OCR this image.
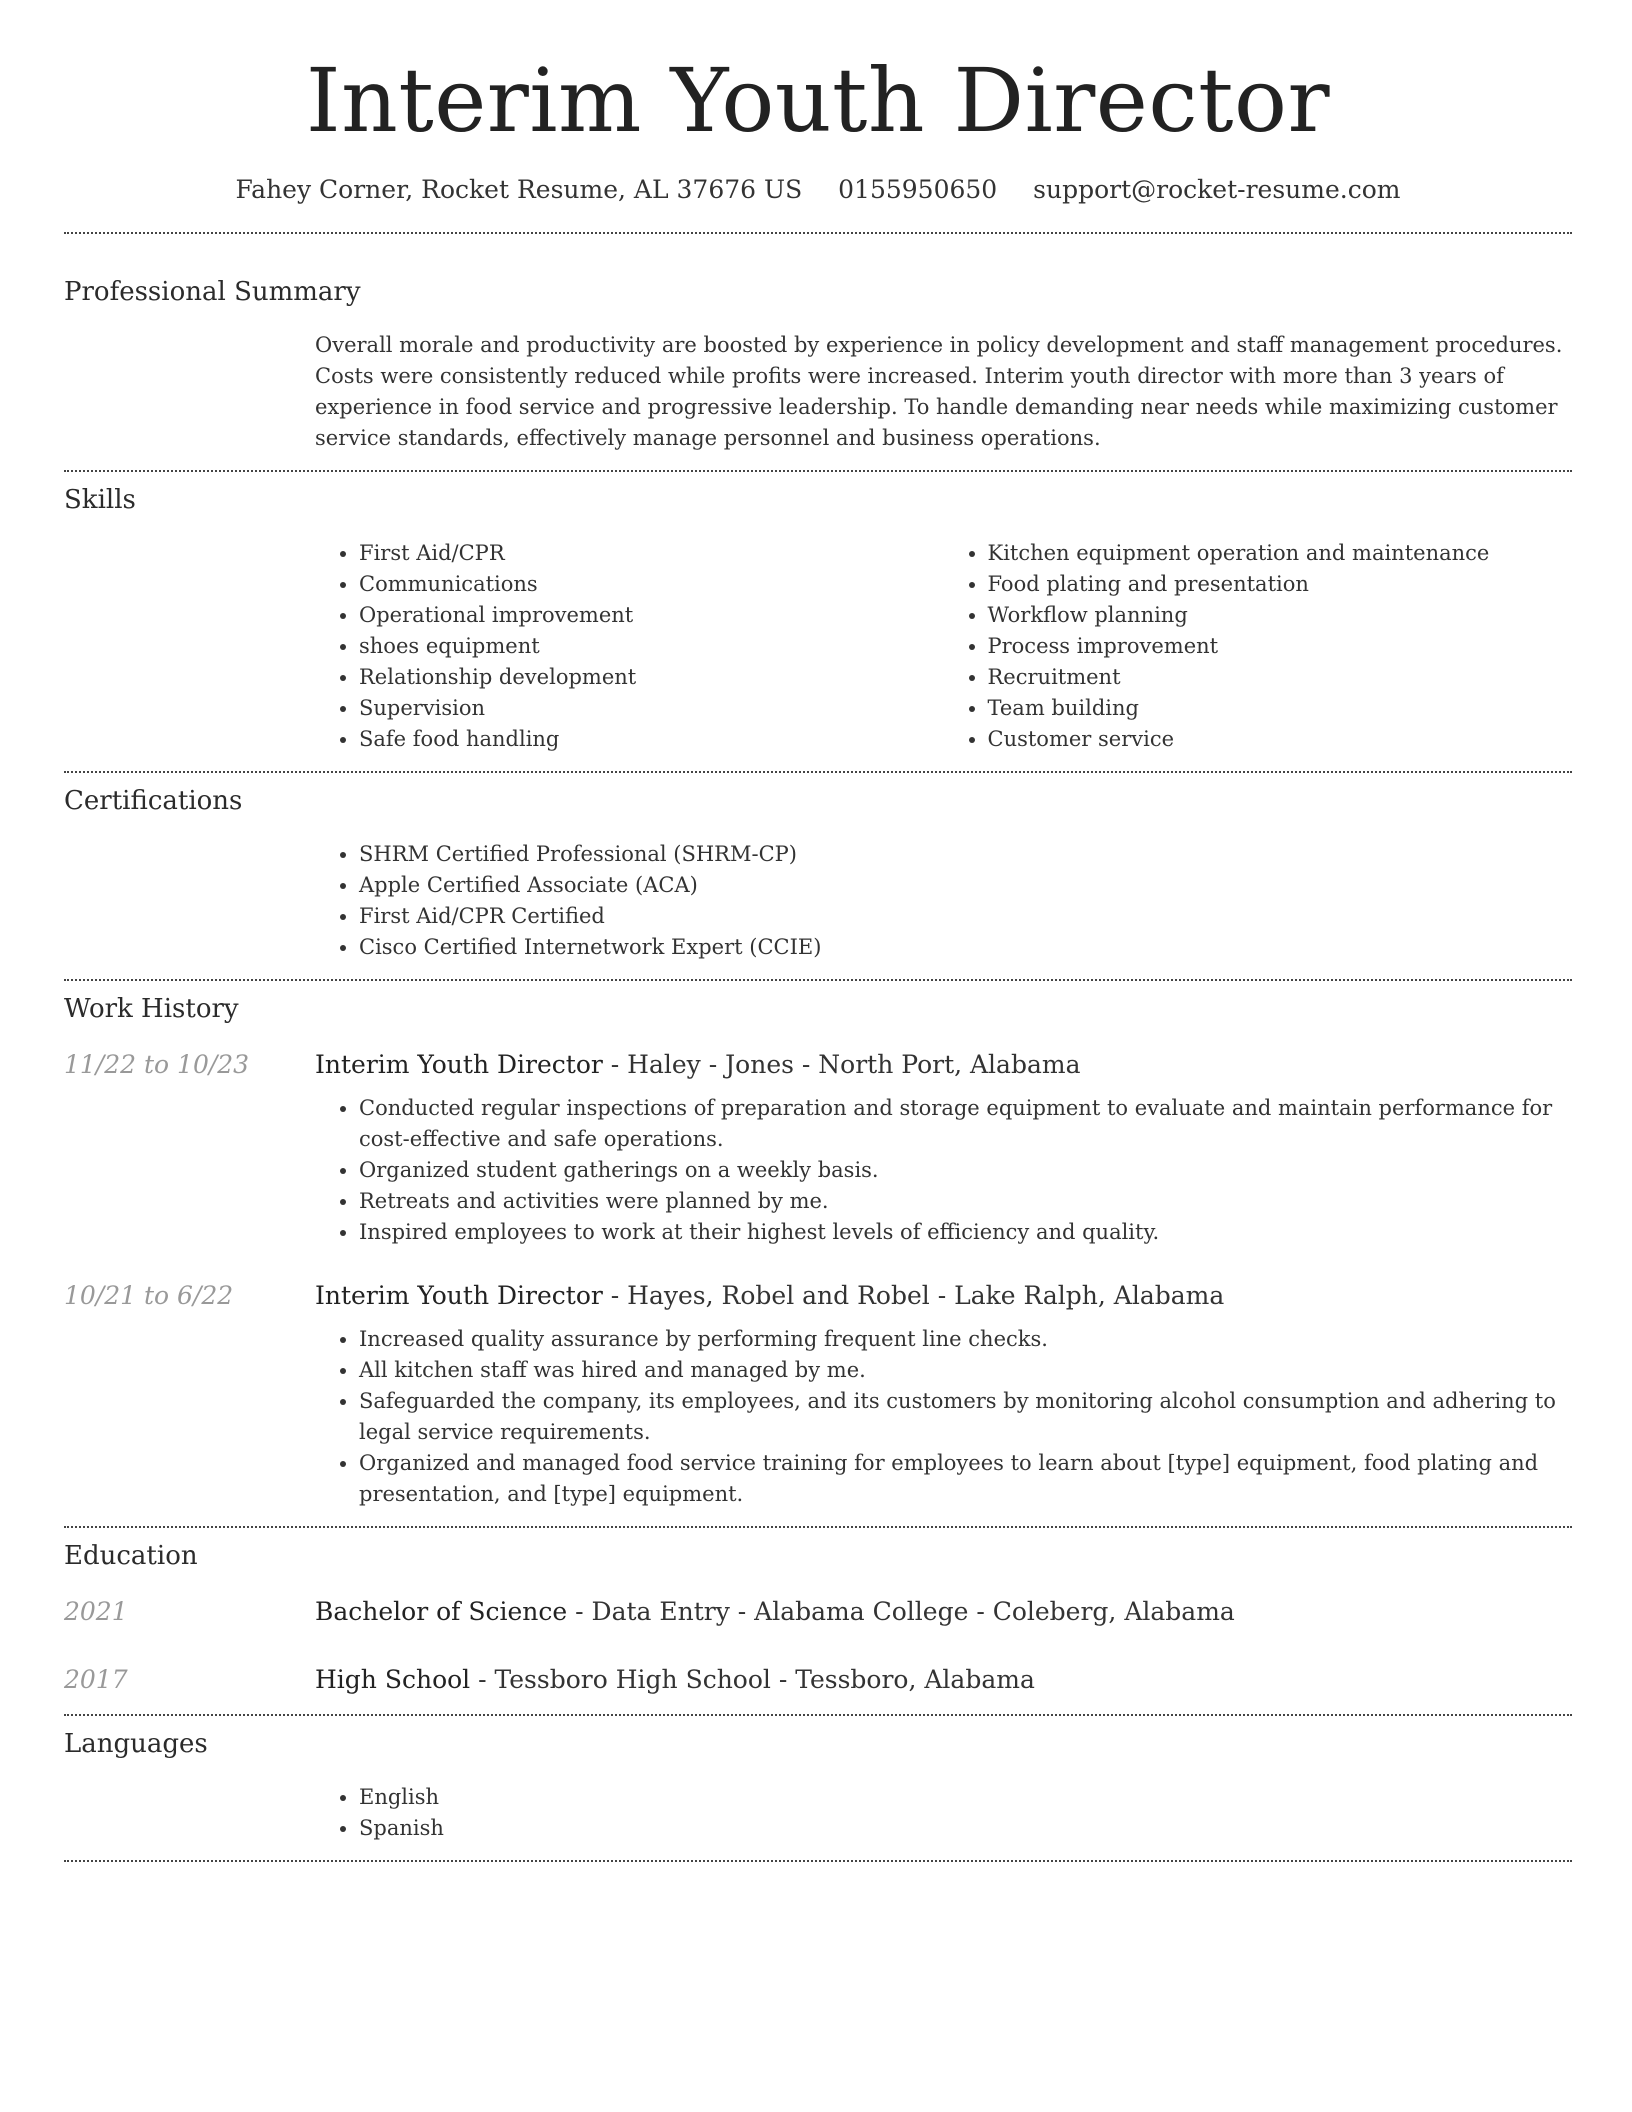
Interim Youth Director
Fahey Corner, Rocket Resume, AL 37676 US 0155950650 support@rocket-resume.com
Professional Summary
Overall morale and productivity are boosted by experience in policy development and staff management procedures. Costs were consistently reduced while profits were increased. Interim youth director with more than 3 years of experience in food service and progressive leadership. To handle demanding near needs while maximizing customer service standards, effectively manage personnel and business operations.
Skills
• First Aid/CPR
• Communications
• Operational improvement
• shoes equipment
• Relationship development
• Supervision
• Safe food handling
• Kitchen equipment operation and maintenance
• Food plating and presentation
• Workflow planning
• Process improvement
• Recruitment
• Team building
• Customer service
Certifications
• SHRM Certified Professional (SHRM-CP)
• Apple Certified Associate (ACA)
• First Aid/CPR Certified
• Cisco Certified Internetwork Expert (CCIE)
Work History
11/22 to 10/23	Interim Youth Director - Haley - Jones - North Port, Alabama
• Conducted regular inspections of preparation and storage equipment to evaluate and maintain performance for cost-effective and safe operations.
• Organized student gatherings on a weekly basis.
• Retreats and activities were planned by me.
• Inspired employees to work at their highest levels of efficiency and quality.
10/21 to 6/22	Interim Youth Director - Hayes, Robel and Robel - Lake Ralph, Alabama
• Increased quality assurance by performing frequent line checks.
• All kitchen staff was hired and managed by me.
• Safeguarded the company, its employees, and its customers by monitoring alcohol consumption and adhering to legal service requirements.
• Organized and managed food service training for employees to learn about [type] equipment, food plating and presentation, and [type] equipment.
Education
2021	Bachelor of Science - Data Entry - Alabama College - Coleberg, Alabama
2017	High School - Tessboro High School - Tessboro, Alabama
Languages
• English
• Spanish
